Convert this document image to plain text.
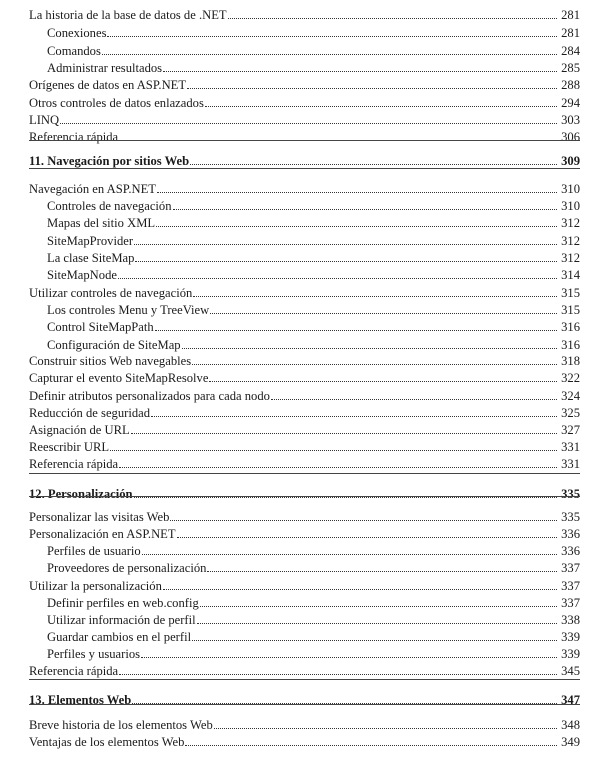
La historia de la base de datos de .NET	281
Conexiones	281
Comandos	284
Administrar resultados	285
Orígenes de datos en ASP.NET	288
Otros controles de datos enlazados	294
LINQ	303
Referencia rápida	306
11. Navegación por sitios Web	309
Navegación en ASP.NET	310
Controles de navegación	310
Mapas del sitio XML	312
SiteMapProvider	312
La clase SiteMap	312
SiteMapNode	314
Utilizar controles de navegación	315
Los controles Menu y TreeView	315
Control SiteMapPath	316
Configuración de SiteMap	316
Construir sitios Web navegables	318
Capturar el evento SiteMapResolve	322
Definir atributos personalizados para cada nodo	324
Reducción de seguridad	325
Asignación de URL	327
Reescribir URL	331
Referencia rápida	331
12. Personalización	335
Personalizar las visitas Web	335
Personalización en ASP.NET	336
Perfiles de usuario	336
Proveedores de personalización	337
Utilizar la personalización	337
Definir perfiles en web.config	337
Utilizar información de perfil	338
Guardar cambios en el perfil	339
Perfiles y usuarios	339
Referencia rápida	345
13. Elementos Web	347
Breve historia de los elementos Web	348
Ventajas de los elementos Web	349
